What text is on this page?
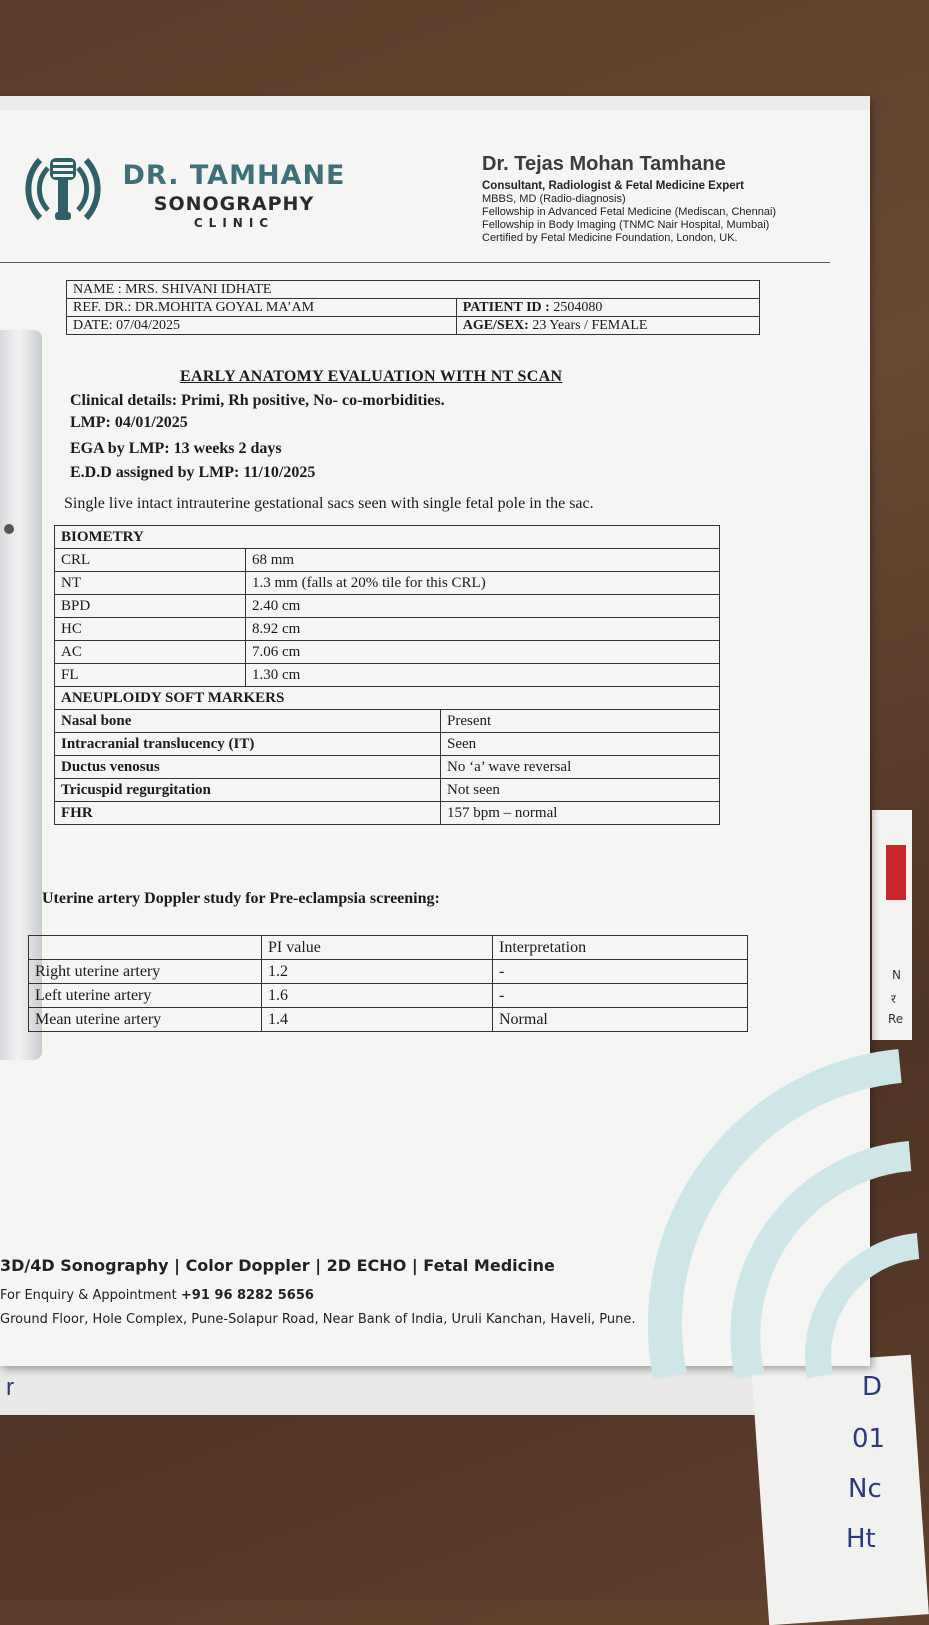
r	D
01
Nc
Ht
N
र
Re
DR. TAMHANE
SONOGRAPHY
CLINIC
Dr. Tejas Mohan Tamhane
Consultant, Radiologist & Fetal Medicine Expert
MBBS, MD (Radio-diagnosis)
Fellowship in Advanced Fetal Medicine (Mediscan, Chennai)
Fellowship in Body Imaging (TNMC Nair Hospital, Mumbai)
Certified by Fetal Medicine Foundation, London, UK.
NAME : MRS. SHIVANI IDHATE	
REF. DR.: DR.MOHITA GOYAL MA’AM	PATIENT ID : 2504080
DATE: 07/04/2025	AGE/SEX: 23 Years / FEMALE
EARLY ANATOMY EVALUATION WITH NT SCAN
Clinical details: Primi, Rh positive, No- co-morbidities.
LMP: 04/01/2025
EGA by LMP: 13 weeks 2 days
E.D.D assigned by LMP: 11/10/2025
Single live intact intrauterine gestational sacs seen with single fetal pole in the sac.
BIOMETRY		
CRL	68 mm	
NT	1.3 mm (falls at 20% tile for this CRL)	
BPD	2.40 cm	
HC	8.92 cm	
AC	7.06 cm	
FL	1.30 cm	
ANEUPLOIDY SOFT MARKERS		
Nasal bone		Present
Intracranial translucency (IT)		Seen
Ductus venosus		No ‘a’ wave reversal
Tricuspid regurgitation		Not seen
FHR		157 bpm – normal
Uterine artery Doppler study for Pre-eclampsia screening:
	PI value	Interpretation
Right uterine artery	1.2	-
Left uterine artery	1.6	-
Mean uterine artery	1.4	Normal
3D/4D Sonography | Color Doppler | 2D ECHO | Fetal Medicine
For Enquiry & Appointment +91 96 8282 5656
Ground Floor, Hole Complex, Pune-Solapur Road, Near Bank of India, Uruli Kanchan, Haveli, Pune.
